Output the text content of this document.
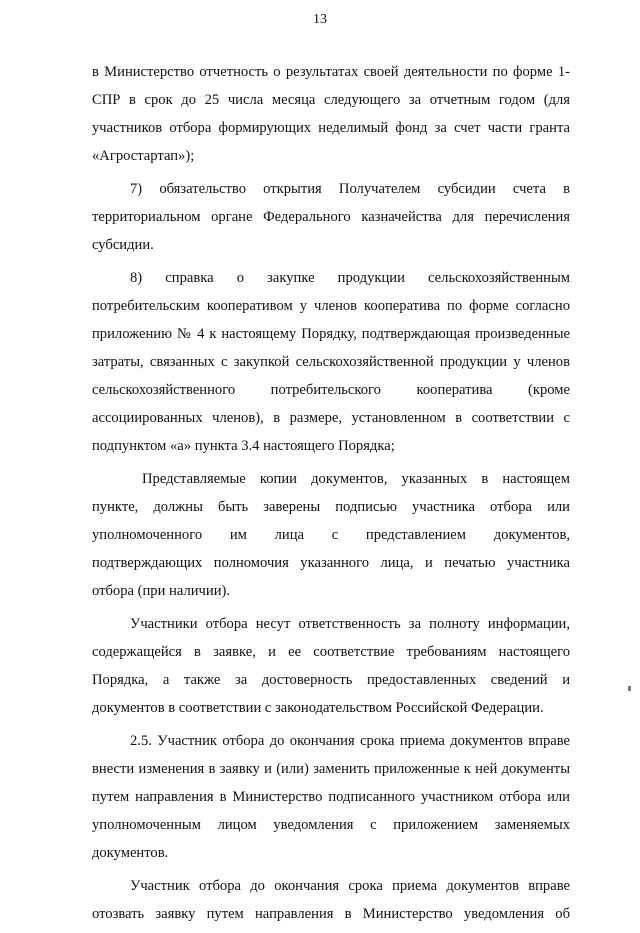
13
в Министерство отчетность о результатах своей деятельности по форме 1-
СПР в срок до 25 числа месяца следующего за отчетным годом (для
участников отбора формирующих неделимый фонд за счет части гранта
«Агростартап»);
7) обязательство открытия Получателем субсидии счета в
территориальном органе Федерального казначейства для перечисления
субсидии.
8) справка о закупке продукции сельскохозяйственным
потребительским кооперативом у членов кооператива по форме согласно
приложению № 4 к настоящему Порядку, подтверждающая произведенные
затраты, связанных с закупкой сельскохозяйственной продукции у членов
сельскохозяйственного потребительского кооператива (кроме
ассоциированных членов), в размере, установленном в соответствии с
подпунктом «а» пункта 3.4 настоящего Порядка;
Представляемые копии документов, указанных в настоящем
пункте, должны быть заверены подписью участника отбора или
уполномоченного им лица с представлением документов,
подтверждающих полномочия указанного лица, и печатью участника
отбора (при наличии).
Участники отбора несут ответственность за полноту информации,
содержащейся в заявке, и ее соответствие требованиям настоящего
Порядка, а также за достоверность предоставленных сведений и
документов в соответствии с законодательством Российской Федерации.
2.5. Участник отбора до окончания срока приема документов вправе
внести изменения в заявку и (или) заменить приложенные к ней документы
путем направления в Министерство подписанного участником отбора или
уполномоченным лицом уведомления с приложением заменяемых
документов.
Участник отбора до окончания срока приема документов вправе
отозвать заявку путем направления в Министерство уведомления об
